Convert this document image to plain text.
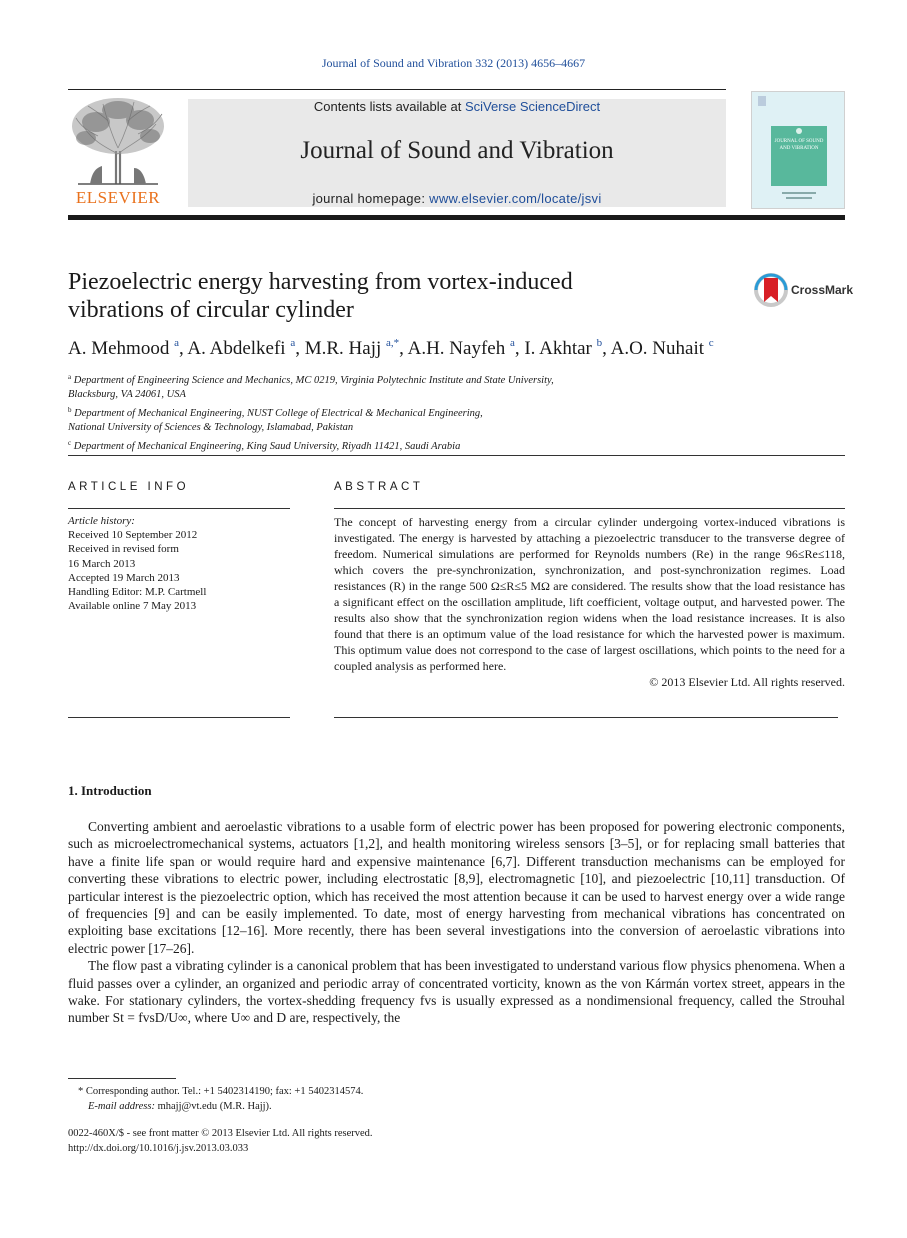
Journal of Sound and Vibration 332 (2013) 4656–4667
ELSEVIER
Contents lists available at SciVerse ScienceDirect
Journal of Sound and Vibration
journal homepage: www.elsevier.com/locate/jsvi
JOURNAL OF SOUND AND VIBRATION
Piezoelectric energy harvesting from vortex-induced
vibrations of circular cylinder
CrossMark
A. Mehmood $^a$, A. Abdelkefi $^a$, M.R. Hajj $^{a,*}$, A.H. Nayfeh $^a$, I. Akhtar $^b$, A.O. Nuhait $^c$
$^a$ Department of Engineering Science and Mechanics, MC 0219, Virginia Polytechnic Institute and State University,
Blacksburg, VA 24061, USA
$^b$ Department of Mechanical Engineering, NUST College of Electrical & Mechanical Engineering,
National University of Sciences & Technology, Islamabad, Pakistan
$^c$ Department of Mechanical Engineering, King Saud University, Riyadh 11421, Saudi Arabia
ARTICLE INFO	ABSTRACT
Article history:
Received 10 September 2012
Received in revised form
16 March 2013
Accepted 19 March 2013
Handling Editor: M.P. Cartmell
Available online 7 May 2013
The concept of harvesting energy from a circular cylinder undergoing vortex-induced vibrations is investigated. The energy is harvested by attaching a piezoelectric transducer to the transverse degree of freedom. Numerical simulations are performed for Reynolds numbers (Re) in the range 96≤Re≤118, which covers the pre-synchronization, synchronization, and post-synchronization regimes. Load resistances (R) in the range 500 Ω≤R≤5 MΩ are considered. The results show that the load resistance has a significant effect on the oscillation amplitude, lift coefficient, voltage output, and harvested power. The results also show that the synchronization region widens when the load resistance increases. It is also found that there is an optimum value of the load resistance for which the harvested power is maximum. This optimum value does not correspond to the case of largest oscillations, which points to the need for a coupled analysis as performed here.
© 2013 Elsevier Ltd. All rights reserved.
1. Introduction

Converting ambient and aeroelastic vibrations to a usable form of electric power has been proposed for powering electronic components, such as microelectromechanical systems, actuators [1,2], and health monitoring wireless sensors [3–5], or for replacing small batteries that have a finite life span or would require hard and expensive maintenance [6,7]. Different transduction mechanisms can be employed for converting these vibrations to electric power, including electrostatic [8,9], electromagnetic [10], and piezoelectric [10,11] transduction. Of particular interest is the piezoelectric option, which has received the most attention because it can be used to harvest energy over a wide range of frequencies [9] and can be easily implemented. To date, most of energy harvesting from mechanical vibrations has concentrated on exploiting base excitations [12–16]. More recently, there has been several investigations into the conversion of aeroelastic vibrations into electric power [17–26].

The flow past a vibrating cylinder is a canonical problem that has been investigated to understand various flow physics phenomena. When a fluid passes over a cylinder, an organized and periodic array of concentrated vorticity, known as the von Kármán vortex street, appears in the wake. For stationary cylinders, the vortex-shedding frequency fvs is usually expressed as a nondimensional frequency, called the Strouhal number St = fvsD/U∞, where U∞ and D are, respectively, the

* Corresponding author. Tel.: +1 5402314190; fax: +1 5402314574.
E-mail address: mhajj@vt.edu (M.R. Hajj).
0022-460X/$ - see front matter © 2013 Elsevier Ltd. All rights reserved.
http://dx.doi.org/10.1016/j.jsv.2013.03.033
